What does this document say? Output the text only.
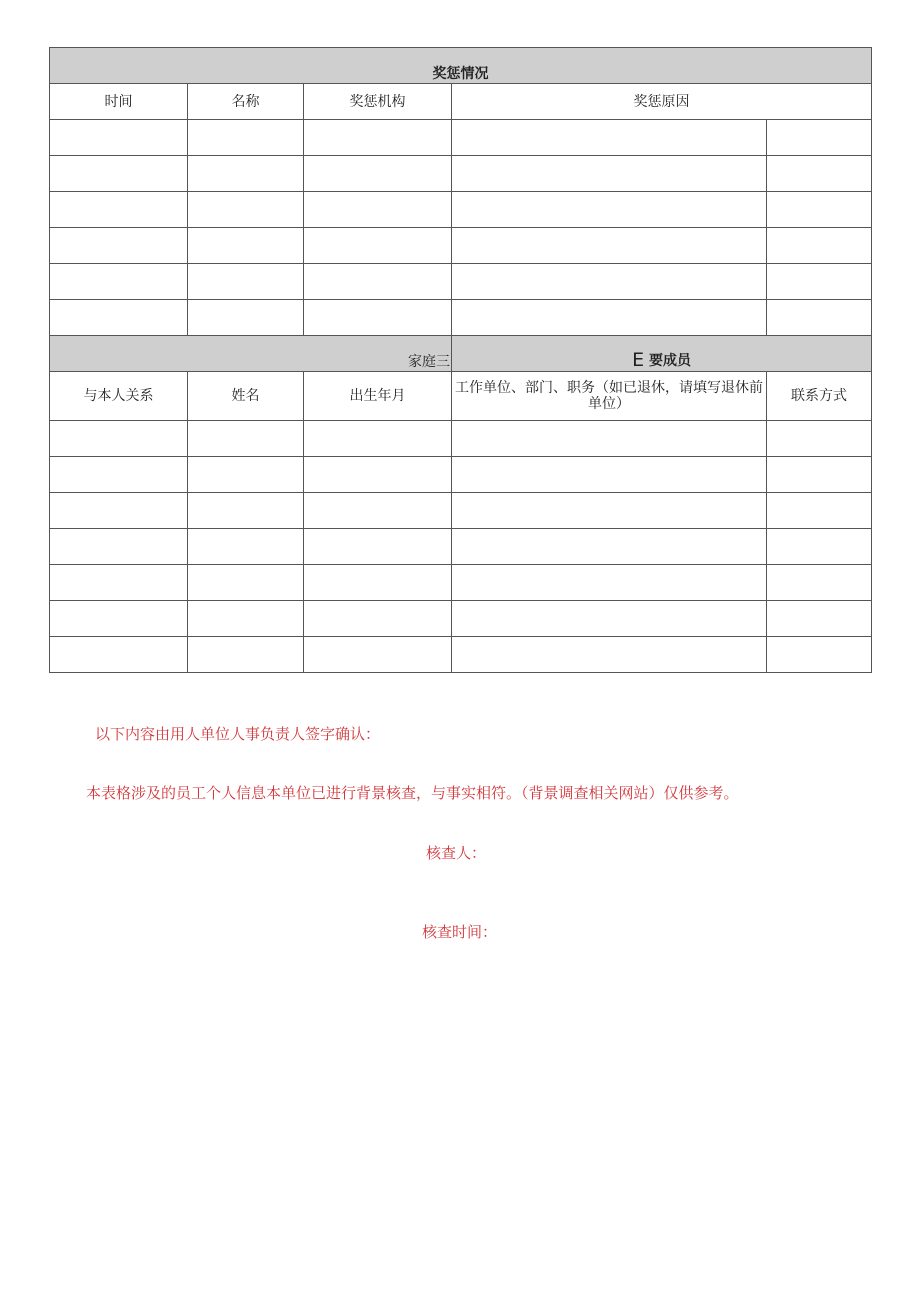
奖惩情况				
时间	名称	奖惩机构	奖惩原因	

家庭三			E 要成员	
与本人关系	姓名	出生年月	工作单位、部门、职务（如已退休，请填写退休前单位）	联系方式

以下内容由用人单位人事负责人签字确认：
本表格涉及的员工个人信息本单位已进行背景核查，与事实相符。（背景调查相关网站）仅供参考。
核查人：
核查时间：
